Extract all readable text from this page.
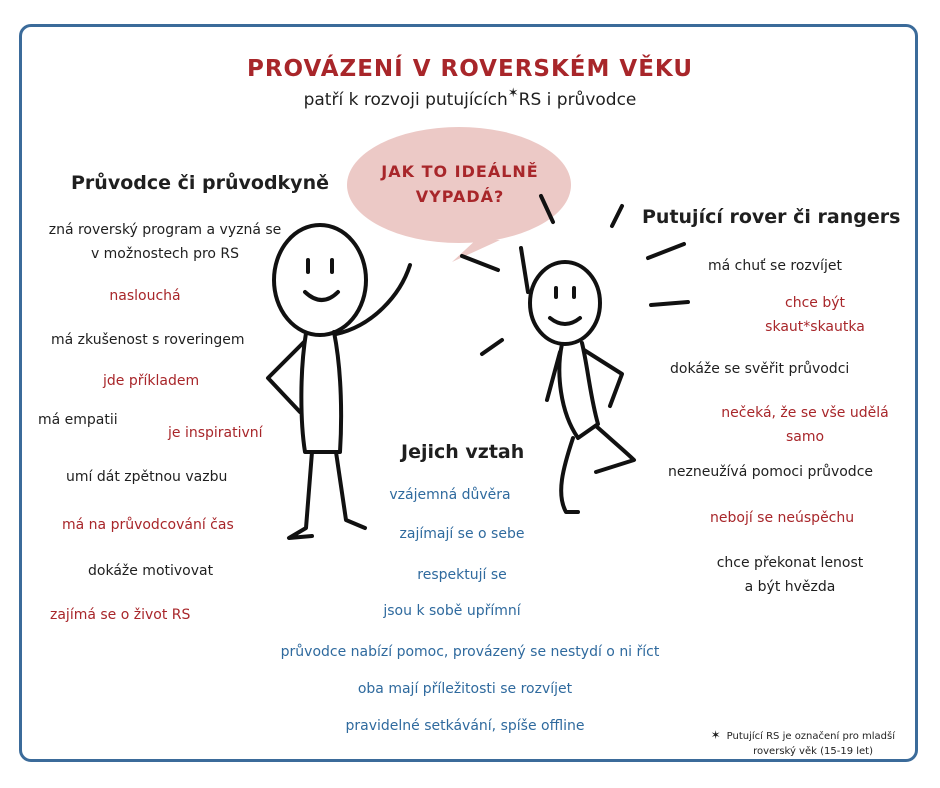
PROVÁZENÍ V ROVERSKÉM VĚKU
patří k rozvoji putujících✶RS i průvodce
JAK TO IDEÁLNĚ
VYPADÁ?
Průvodce či průvodkyně
zná roverský program a vyzná se
v možnostech pro RS
naslouchá
má zkušenost s roveringem
jde příkladem
má empatii
je inspirativní
umí dát zpětnou vazbu
má na průvodcování čas
dokáže motivovat
zajímá se o život RS
Putující rover či rangers
má chuť se rozvíjet
chce být
skaut*skautka
dokáže se svěřit průvodci
nečeká, že se vše udělá
samo
nezneužívá pomoci průvodce
nebojí se neúspěchu
chce překonat lenost
a být hvězda
Jejich vztah
vzájemná důvěra
zajímají se o sebe
respektují se
jsou k sobě upřímní
průvodce nabízí pomoc, provázený se nestydí o ni říct
oba mají příležitosti se rozvíjet
pravidelné setkávání, spíše offline
✶ Putující RS je označení pro mladší
roverský věk (15-19 let)
